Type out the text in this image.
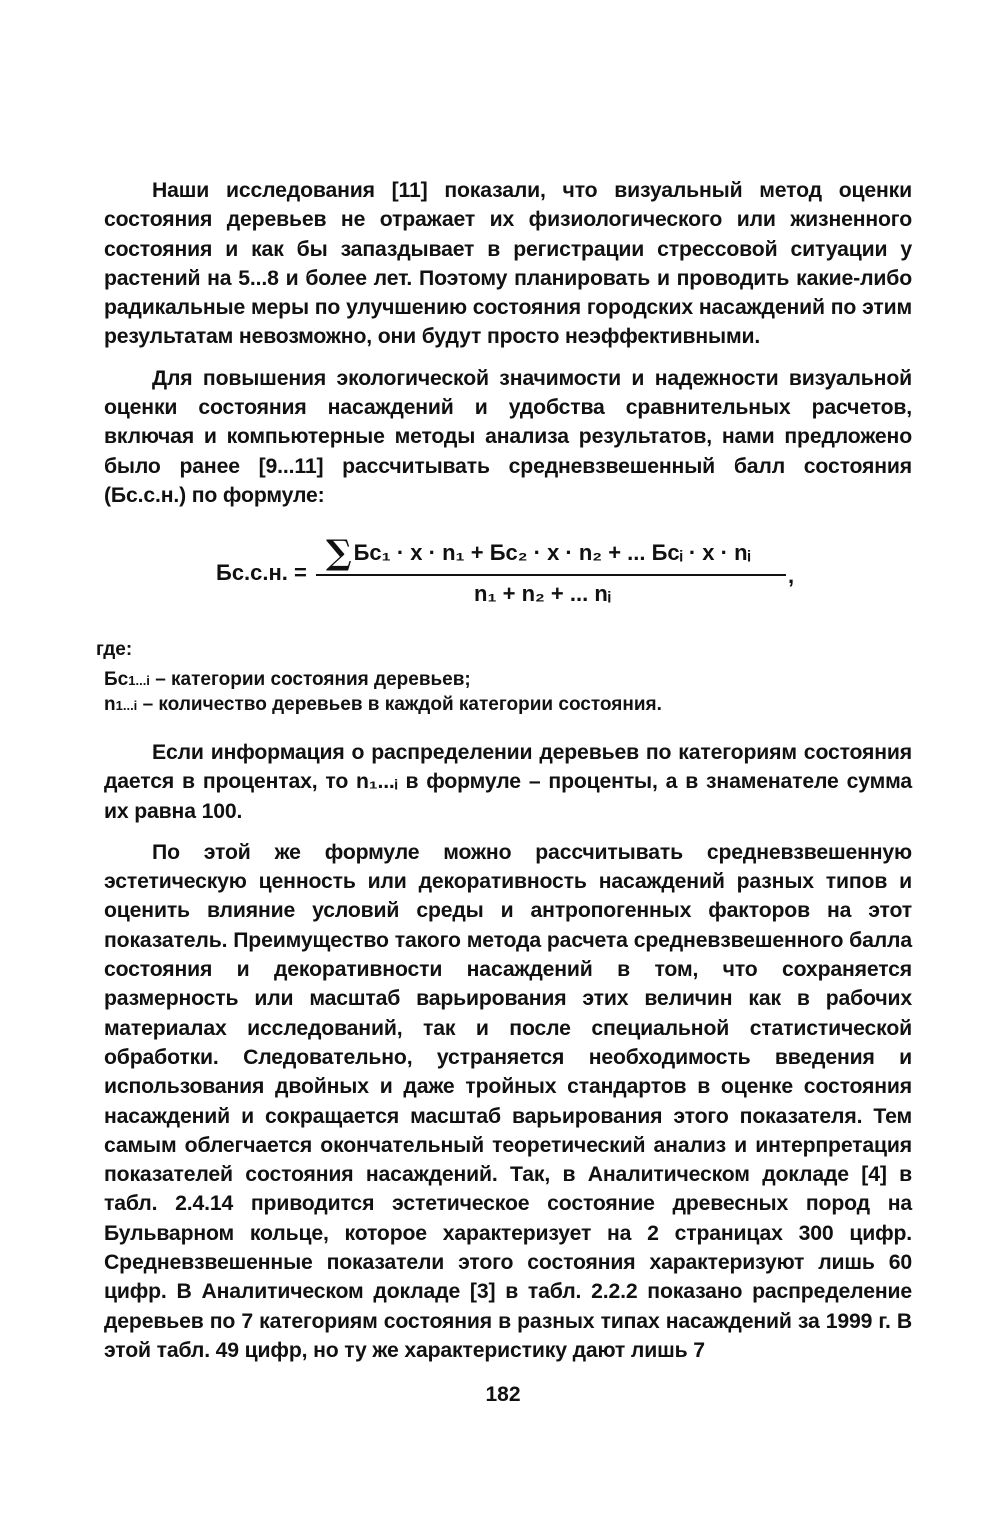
Наши исследования [11] показали, что визуальный метод оценки состояния деревьев не отражает их физиологического или жизненного состояния и как бы запаздывает в регистрации стрессовой ситуации у растений на 5...8 и более лет. Поэтому планировать и проводить какие-либо радикальные меры по улучшению состояния городских насаждений по этим результатам невозможно, они будут просто неэффективными.

Для повышения экологической значимости и надежности визуальной оценки состояния насаждений и удобства сравнительных расчетов, включая и компьютерные методы анализа результатов, нами предложено было ранее [9...11] рассчитывать средневзвешенный балл состояния (Бс.с.н.) по формуле:

Бс.с.н. = ∑Бс₁ · x · n₁ + Бс₂ · x · n₂ + ... Бсᵢ · x · nᵢ
,
n₁ + n₂ + ... nᵢ
где:
Бс1...i – категории состояния деревьев;
n1...i – количество деревьев в каждой категории состояния.

Если информация о распределении деревьев по категориям состояния дается в процентах, то n₁...ᵢ в формуле – проценты, а в знаменателе сумма их равна 100.

По этой же формуле можно рассчитывать средневзвешенную эстетическую ценность или декоративность насаждений разных типов и оценить влияние условий среды и антропогенных факторов на этот показатель. Преимущество такого метода расчета средневзвешенного балла состояния и декоративности насаждений в том, что сохраняется размерность или масштаб варьирования этих величин как в рабочих материалах исследований, так и после специальной статистической обработки. Следовательно, устраняется необходимость введения и использования двойных и даже тройных стандартов в оценке состояния насаждений и сокращается масштаб варьирования этого показателя. Тем самым облегчается окончательный теоретический анализ и интерпретация показателей состояния насаждений. Так, в Аналитическом докладе [4] в табл. 2.4.14 приводится эстетическое состояние древесных пород на Бульварном кольце, которое характеризует на 2 страницах 300 цифр. Средневзвешенные показатели этого состояния характеризуют лишь 60 цифр. В Аналитическом докладе [3] в табл. 2.2.2 показано распределение деревьев по 7 категориям состояния в разных типах насаждений за 1999 г. В этой табл. 49 цифр, но ту же характеристику дают лишь 7

182
